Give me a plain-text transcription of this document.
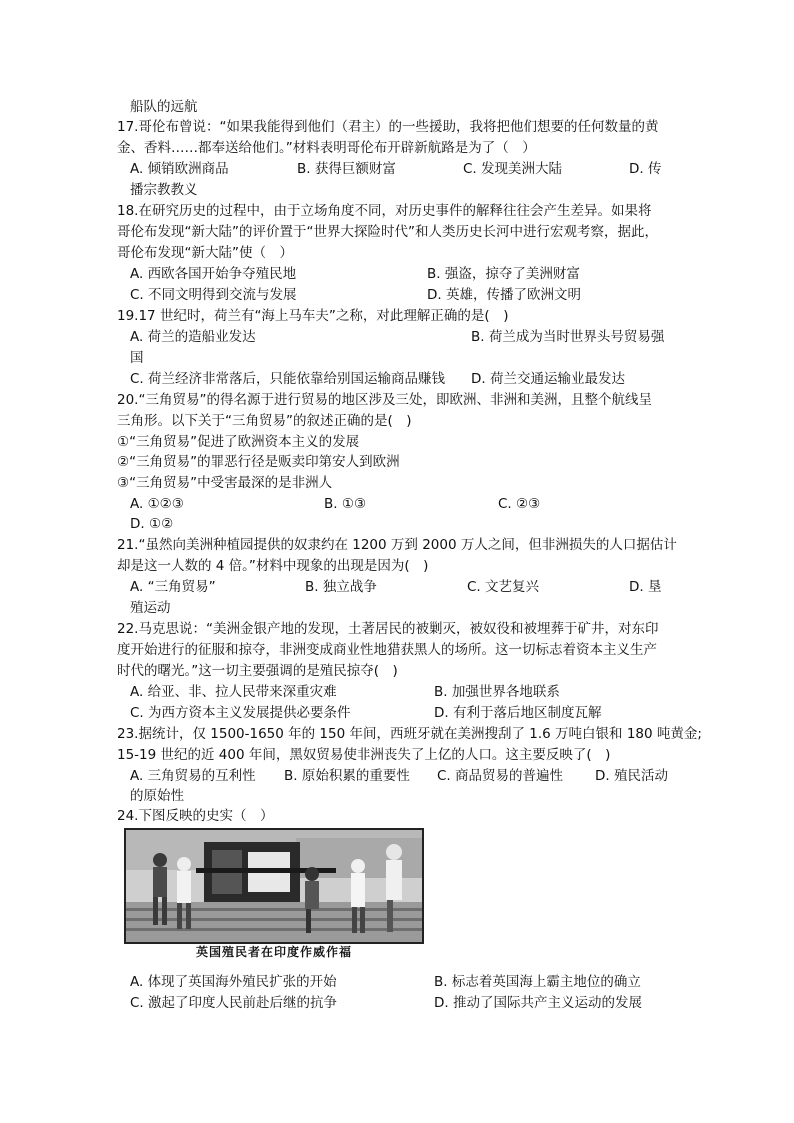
船队的远航
17.哥伦布曾说：“如果我能得到他们（君主）的一些援助，我将把他们想要的任何数量的黄
金、香料……都奉送给他们。”材料表明哥伦布开辟新航路是为了（　）
A. 倾销欧洲商品	B. 获得巨额财富	C. 发现美洲大陆	D. 传
播宗教教义
18.在研究历史的过程中，由于立场角度不同，对历史事件的解释往往会产生差异。如果将
哥伦布发现“新大陆”的评价置于“世界大探险时代”和人类历史长河中进行宏观考察，据此，
哥伦布发现“新大陆”使（　）
A. 西欧各国开始争夺殖民地	B. 强盗，掠夺了美洲财富
C. 不同文明得到交流与发展	D. 英雄，传播了欧洲文明
19.17 世纪时，荷兰有“海上马车夫”之称，对此理解正确的是(　)
A. 荷兰的造船业发达	B. 荷兰成为当时世界头号贸易强
国
C. 荷兰经济非常落后，只能依靠给别国运输商品赚钱 D. 荷兰交通运输业最发达
20.“三角贸易”的得名源于进行贸易的地区涉及三处，即欧洲、非洲和美洲，且整个航线呈
三角形。以下关于“三角贸易”的叙述正确的是(　)
①“三角贸易”促进了欧洲资本主义的发展
②“三角贸易”的罪恶行径是贩卖印第安人到欧洲
③“三角贸易”中受害最深的是非洲人
A. ①②③	B. ①③	C. ②③
D. ①②
21.“虽然向美洲种植园提供的奴隶约在 1200 万到 2000 万人之间，但非洲损失的人口据估计
却是这一人数的 4 倍。”材料中现象的出现是因为(　)
A. “三角贸易”	B. 独立战争	C. 文艺复兴	D. 垦
殖运动
22.马克思说：“美洲金银产地的发现，土著居民的被剿灭，被奴役和被埋葬于矿井，对东印
度开始进行的征服和掠夺，非洲变成商业性地猎获黑人的场所。这一切标志着资本主义生产
时代的曙光。”这一切主要强调的是殖民掠夺(　)
A. 给亚、非、拉人民带来深重灾难	B. 加强世界各地联系
C. 为西方资本主义发展提供必要条件	D. 有利于落后地区制度瓦解
23.据统计，仅 1500-1650 年的 150 年间，西班牙就在美洲搜刮了 1.6 万吨白银和 180 吨黄金;
15-19 世纪的近 400 年间，黑奴贸易使非洲丧失了上亿的人口。这主要反映了(　)
A. 三角贸易的互利性 B. 原始积累的重要性 C. 商品贸易的普遍性 D. 殖民活动
的原始性
24.下图反映的史实（　）
英国殖民者在印度作威作福
A. 体现了英国海外殖民扩张的开始	B. 标志着英国海上霸主地位的确立
C. 激起了印度人民前赴后继的抗争	D. 推动了国际共产主义运动的发展
